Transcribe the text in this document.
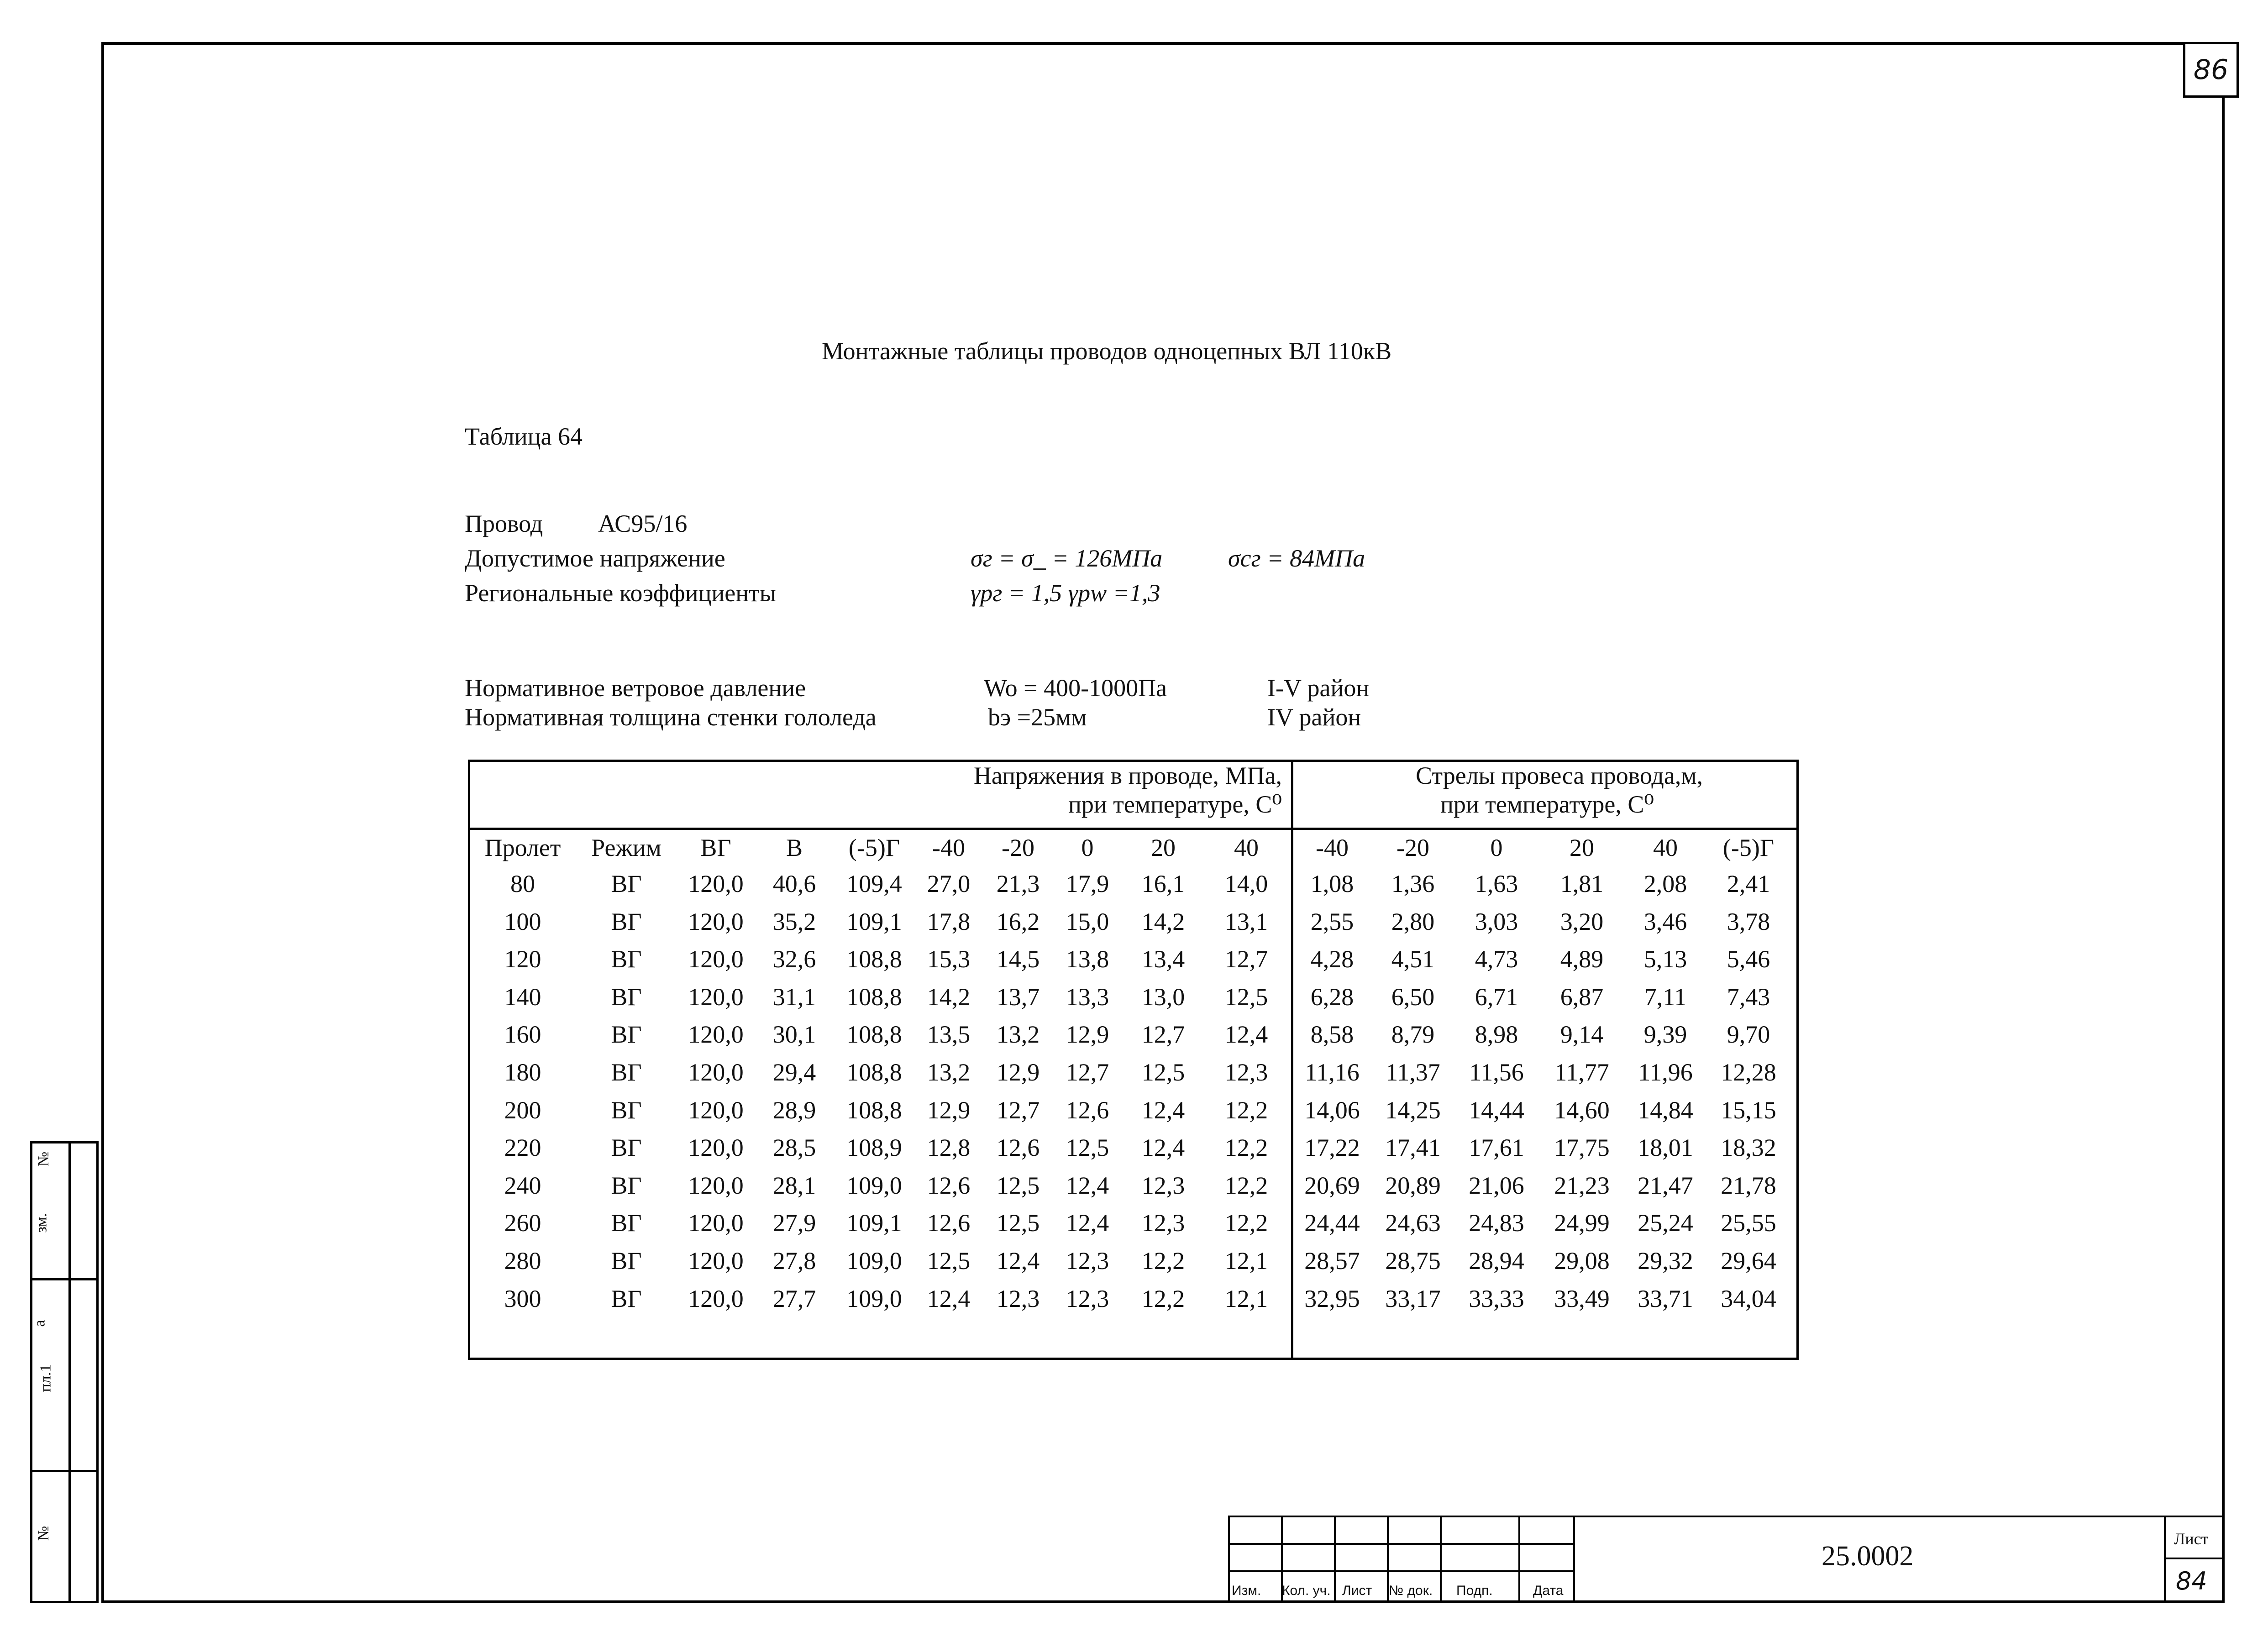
86
Монтажные таблицы проводов одноцепных ВЛ 110кВ
Таблица 64
Провод АС95/16
Допустимое напряжение	σг = σ_ = 126МПа	σсг = 84МПа
Региональные коэффициенты	γрг = 1,5 γpw =1,3
Нормативное ветровое давление	Wo = 400-1000Па	I-V район
Нормативная толщина стенки гололеда	bэ =25мм	IV район
Напряжения в проводе, МПа,
при температуре, С⁰
Стрелы провеса провода,м,
при температуре, С⁰
Пролет	Режим	ВГ	В	(-5)Г	-40	-20	0	20	40	-40	-20	0	20	40	(-5)Г
80	ВГ	120,0	40,6	109,4	27,0	21,3	17,9	16,1	14,0	1,08	1,36	1,63	1,81	2,08	2,41
100	ВГ	120,0	35,2	109,1	17,8	16,2	15,0	14,2	13,1	2,55	2,80	3,03	3,20	3,46	3,78
120	ВГ	120,0	32,6	108,8	15,3	14,5	13,8	13,4	12,7	4,28	4,51	4,73	4,89	5,13	5,46
140	ВГ	120,0	31,1	108,8	14,2	13,7	13,3	13,0	12,5	6,28	6,50	6,71	6,87	7,11	7,43
160	ВГ	120,0	30,1	108,8	13,5	13,2	12,9	12,7	12,4	8,58	8,79	8,98	9,14	9,39	9,70
180	ВГ	120,0	29,4	108,8	13,2	12,9	12,7	12,5	12,3	11,16	11,37	11,56	11,77	11,96	12,28
200	ВГ	120,0	28,9	108,8	12,9	12,7	12,6	12,4	12,2	14,06	14,25	14,44	14,60	14,84	15,15
220	ВГ	120,0	28,5	108,9	12,8	12,6	12,5	12,4	12,2	17,22	17,41	17,61	17,75	18,01	18,32
240	ВГ	120,0	28,1	109,0	12,6	12,5	12,4	12,3	12,2	20,69	20,89	21,06	21,23	21,47	21,78
260	ВГ	120,0	27,9	109,1	12,6	12,5	12,4	12,3	12,2	24,44	24,63	24,83	24,99	25,24	25,55
280	ВГ	120,0	27,8	109,0	12,5	12,4	12,3	12,2	12,1	28,57	28,75	28,94	29,08	29,32	29,64
300	ВГ	120,0	27,7	109,0	12,4	12,3	12,3	12,2	12,1	32,95	33,17	33,33	33,49	33,71	34,04
№
зм.
а
пл.1
№
Изм. Кол. уч. Лист № док. Подп.	Дата
Лист
84
25.0002
